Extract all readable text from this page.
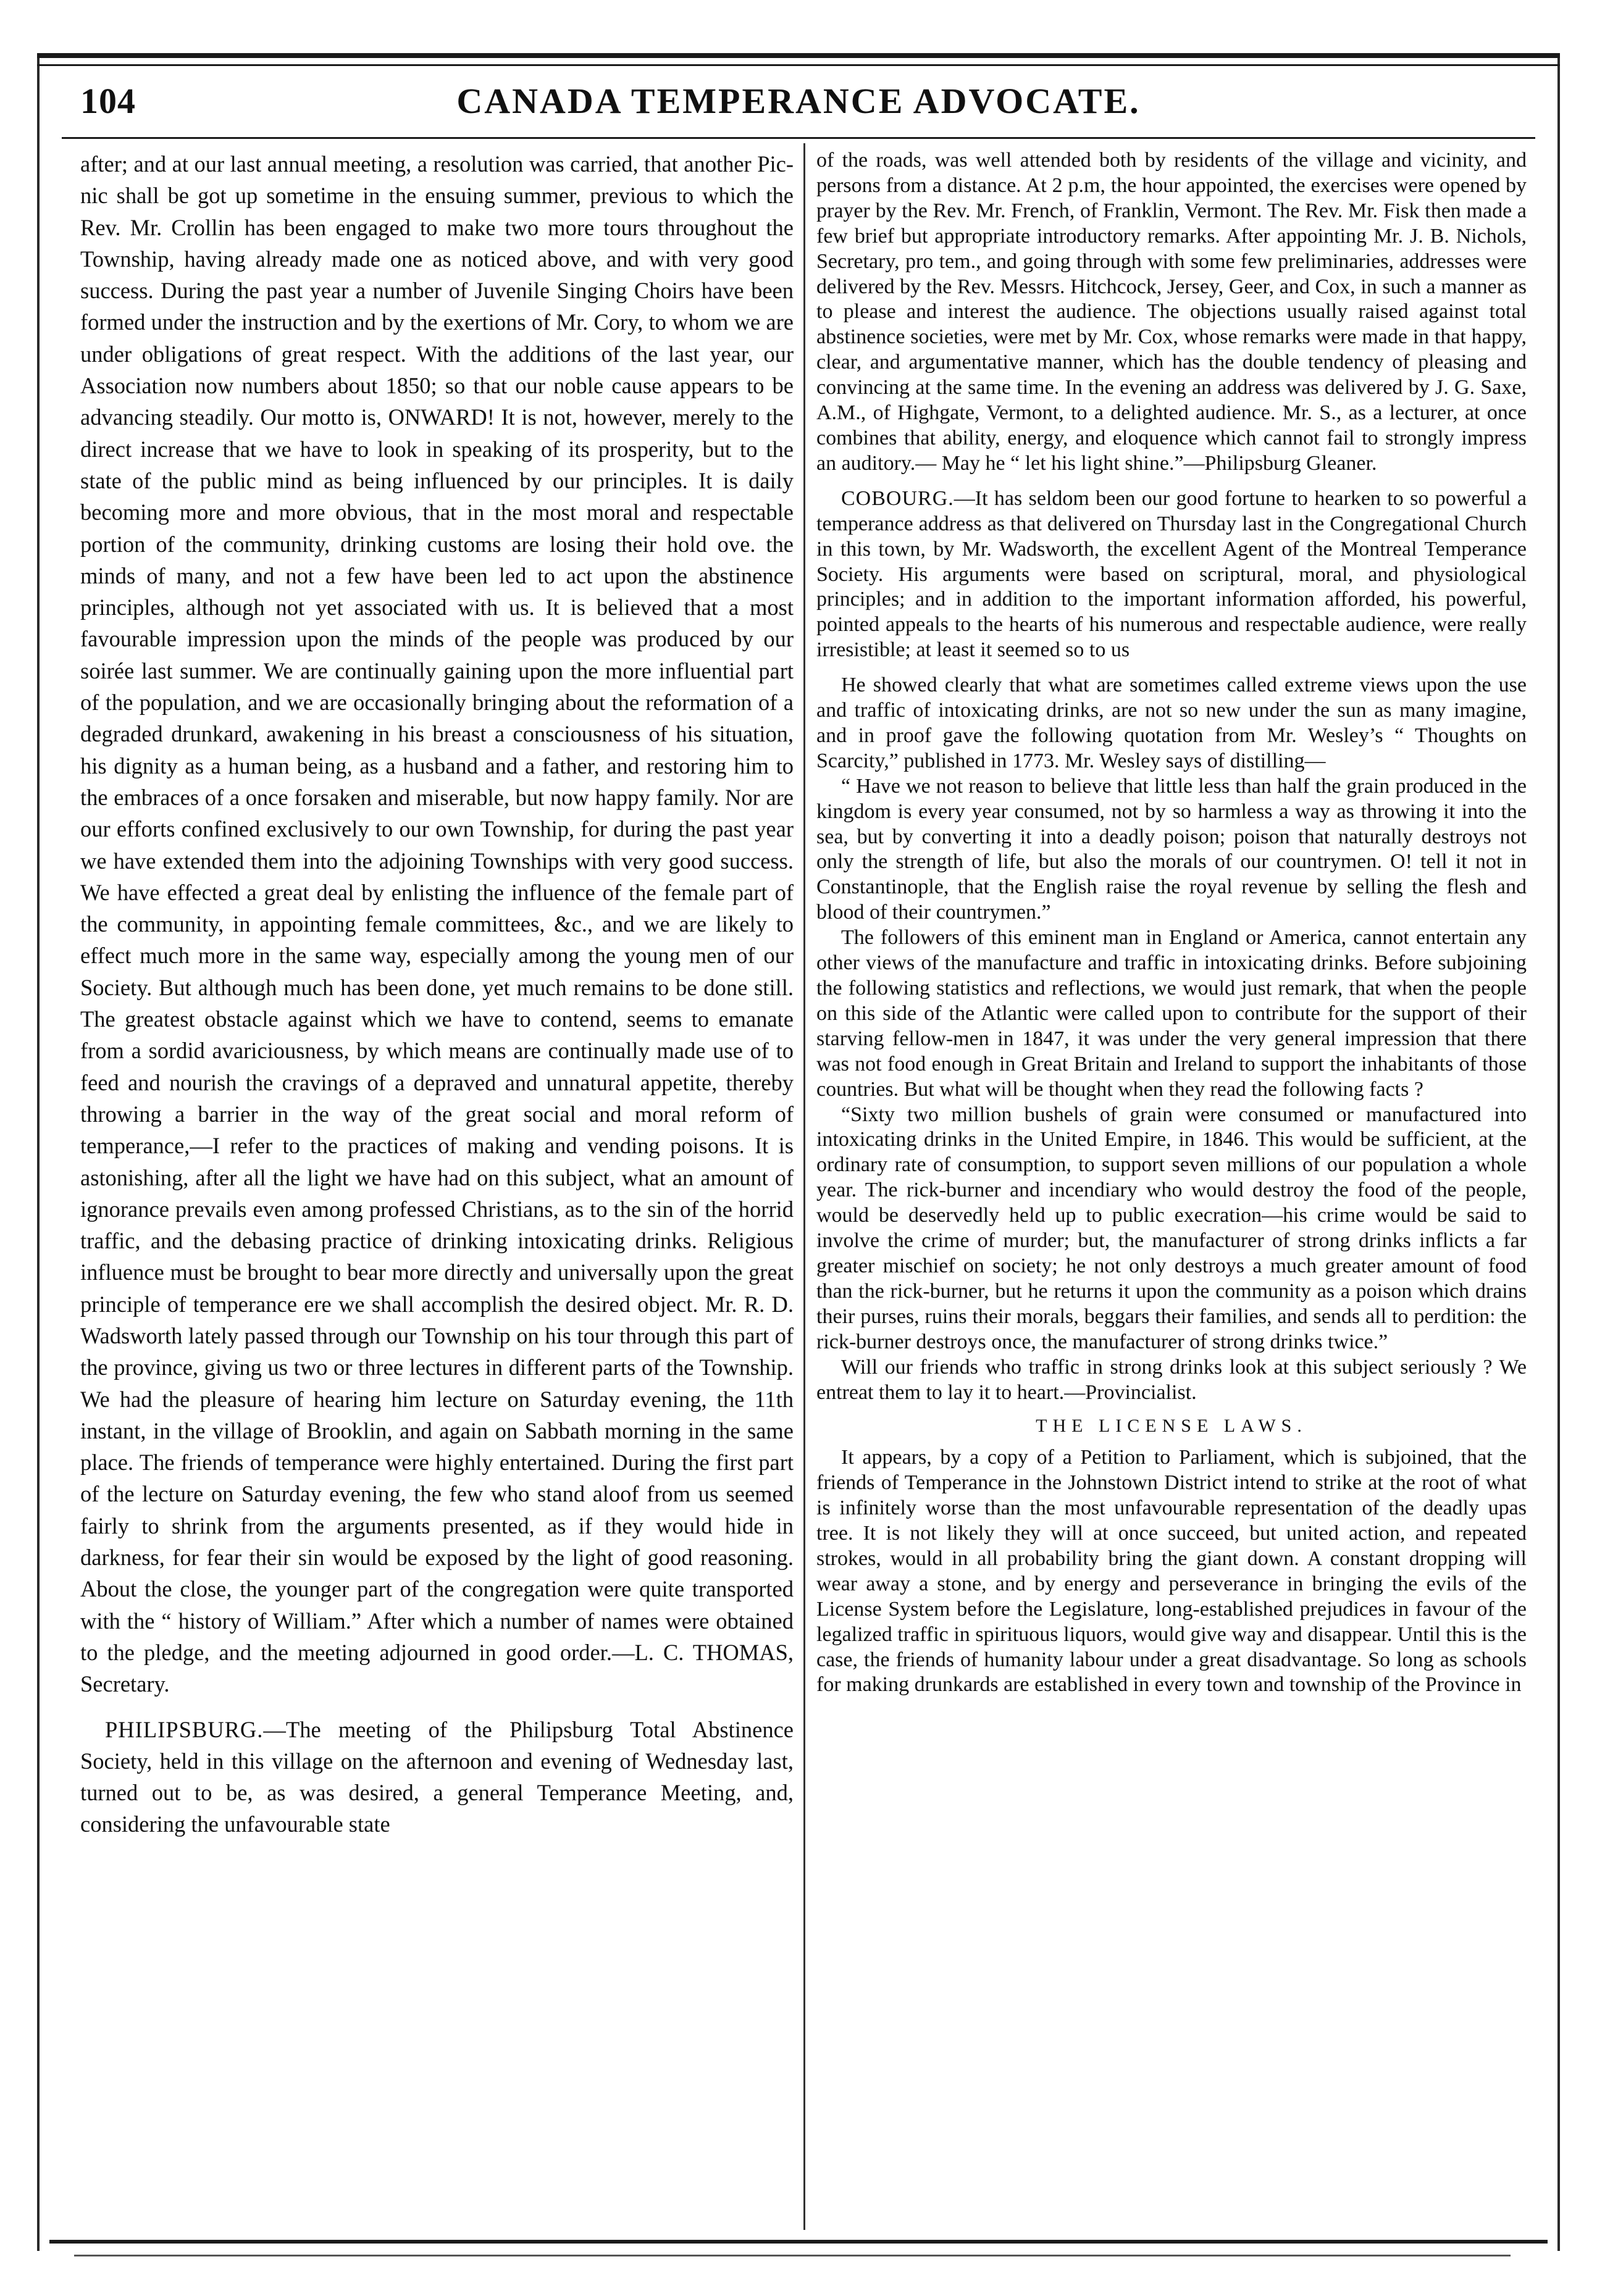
CANADA TEMPERANCE ADVOCATE.
104

after; and at our last annual meeting, a resolution was carried, that another Pic-nic shall be got up sometime in the ensuing summer, previous to which the Rev. Mr. Crollin has been engaged to make two more tours throughout the Township, having already made one as noticed above, and with very good success. During the past year a number of Juvenile Singing Choirs have been formed under the instruction and by the exertions of Mr. Cory, to whom we are under obligations of great respect. With the additions of the last year, our Association now numbers about 1850; so that our noble cause appears to be advancing steadily. Our motto is, ONWARD! It is not, however, merely to the direct increase that we have to look in speaking of its prosperity, but to the state of the public mind as being influenced by our principles. It is daily becoming more and more obvious, that in the most moral and respectable portion of the community, drinking customs are losing their hold ove. the minds of many, and not a few have been led to act upon the abstinence principles, although not yet associated with us. It is believed that a most favourable impression upon the minds of the people was produced by our soirée last summer. We are continually gaining upon the more influential part of the population, and we are occasionally bringing about the reformation of a degraded drunkard, awakening in his breast a consciousness of his situation, his dignity as a human being, as a husband and a father, and restoring him to the embraces of a once forsaken and miserable, but now happy family. Nor are our efforts confined exclusively to our own Township, for during the past year we have extended them into the adjoining Townships with very good success. We have effected a great deal by enlisting the influence of the female part of the community, in appointing female committees, &c., and we are likely to effect much more in the same way, especially among the young men of our Society. But although much has been done, yet much remains to be done still. The greatest obstacle against which we have to contend, seems to emanate from a sordid avariciousness, by which means are continually made use of to feed and nourish the cravings of a depraved and unnatural appetite, thereby throwing a barrier in the way of the great social and moral reform of temperance,—I refer to the practices of making and vending poisons. It is astonishing, after all the light we have had on this subject, what an amount of ignorance prevails even among professed Christians, as to the sin of the horrid traffic, and the debasing practice of drinking intoxicating drinks. Religious influence must be brought to bear more directly and universally upon the great principle of temperance ere we shall accomplish the desired object. Mr. R. D. Wadsworth lately passed through our Township on his tour through this part of the province, giving us two or three lectures in different parts of the Township. We had the pleasure of hearing him lecture on Saturday evening, the 11th instant, in the village of Brooklin, and again on Sabbath morning in the same place. The friends of temperance were highly entertained. During the first part of the lecture on Saturday evening, the few who stand aloof from us seemed fairly to shrink from the arguments presented, as if they would hide in darkness, for fear their sin would be exposed by the light of good reasoning. About the close, the younger part of the congregation were quite transported with the “ history of William.” After which a number of names were obtained to the pledge, and the meeting adjourned in good order.—L. C. THOMAS, Secretary.

PHILIPSBURG.—The meeting of the Philipsburg Total Abstinence Society, held in this village on the afternoon and evening of Wednesday last, turned out to be, as was desired, a general Temperance Meeting, and, considering the unfavourable state

of the roads, was well attended both by residents of the village and vicinity, and persons from a distance. At 2 p.m, the hour appointed, the exercises were opened by prayer by the Rev. Mr. French, of Franklin, Vermont. The Rev. Mr. Fisk then made a few brief but appropriate introductory remarks. After appointing Mr. J. B. Nichols, Secretary, pro tem., and going through with some few preliminaries, addresses were delivered by the Rev. Messrs. Hitchcock, Jersey, Geer, and Cox, in such a manner as to please and interest the audience. The objections usually raised against total abstinence societies, were met by Mr. Cox, whose remarks were made in that happy, clear, and argumentative manner, which has the double tendency of pleasing and convincing at the same time. In the evening an address was delivered by J. G. Saxe, A.M., of Highgate, Vermont, to a delighted audience. Mr. S., as a lecturer, at once combines that ability, energy, and eloquence which cannot fail to strongly impress an auditory.— May he “ let his light shine.”—Philipsburg Gleaner.

COBOURG.—It has seldom been our good fortune to hearken to so powerful a temperance address as that delivered on Thursday last in the Congregational Church in this town, by Mr. Wadsworth, the excellent Agent of the Montreal Temperance Society. His arguments were based on scriptural, moral, and physiological principles; and in addition to the important information afforded, his powerful, pointed appeals to the hearts of his numerous and respectable audience, were really irresistible; at least it seemed so to us

He showed clearly that what are sometimes called extreme views upon the use and traffic of intoxicating drinks, are not so new under the sun as many imagine, and in proof gave the following quotation from Mr. Wesley’s “ Thoughts on Scarcity,” published in 1773. Mr. Wesley says of distilling—

“ Have we not reason to believe that little less than half the grain produced in the kingdom is every year consumed, not by so harmless a way as throwing it into the sea, but by converting it into a deadly poison; poison that naturally destroys not only the strength of life, but also the morals of our countrymen. O! tell it not in Constantinople, that the English raise the royal revenue by selling the flesh and blood of their countrymen.”

The followers of this eminent man in England or America, cannot entertain any other views of the manufacture and traffic in intoxicating drinks. Before subjoining the following statistics and reflections, we would just remark, that when the people on this side of the Atlantic were called upon to contribute for the support of their starving fellow-men in 1847, it was under the very general impression that there was not food enough in Great Britain and Ireland to support the inhabitants of those countries. But what will be thought when they read the following facts ?

“Sixty two million bushels of grain were consumed or manufactured into intoxicating drinks in the United Empire, in 1846. This would be sufficient, at the ordinary rate of consumption, to support seven millions of our population a whole year. The rick-burner and incendiary who would destroy the food of the people, would be deservedly held up to public execration—his crime would be said to involve the crime of murder; but, the manufacturer of strong drinks inflicts a far greater mischief on society; he not only destroys a much greater amount of food than the rick-burner, but he returns it upon the community as a poison which drains their purses, ruins their morals, beggars their families, and sends all to perdition: the rick-burner destroys once, the manufacturer of strong drinks twice.”

Will our friends who traffic in strong drinks look at this subject seriously ? We entreat them to lay it to heart.—Provincialist.

THE LICENSE LAWS.

It appears, by a copy of a Petition to Parliament, which is subjoined, that the friends of Temperance in the Johnstown District intend to strike at the root of what is infinitely worse than the most unfavourable representation of the deadly upas tree. It is not likely they will at once succeed, but united action, and repeated strokes, would in all probability bring the giant down. A constant dropping will wear away a stone, and by energy and perseverance in bringing the evils of the License System before the Legislature, long-established prejudices in favour of the legalized traffic in spirituous liquors, would give way and disappear. Until this is the case, the friends of humanity labour under a great disadvantage. So long as schools for making drunkards are established in every town and township of the Province in
